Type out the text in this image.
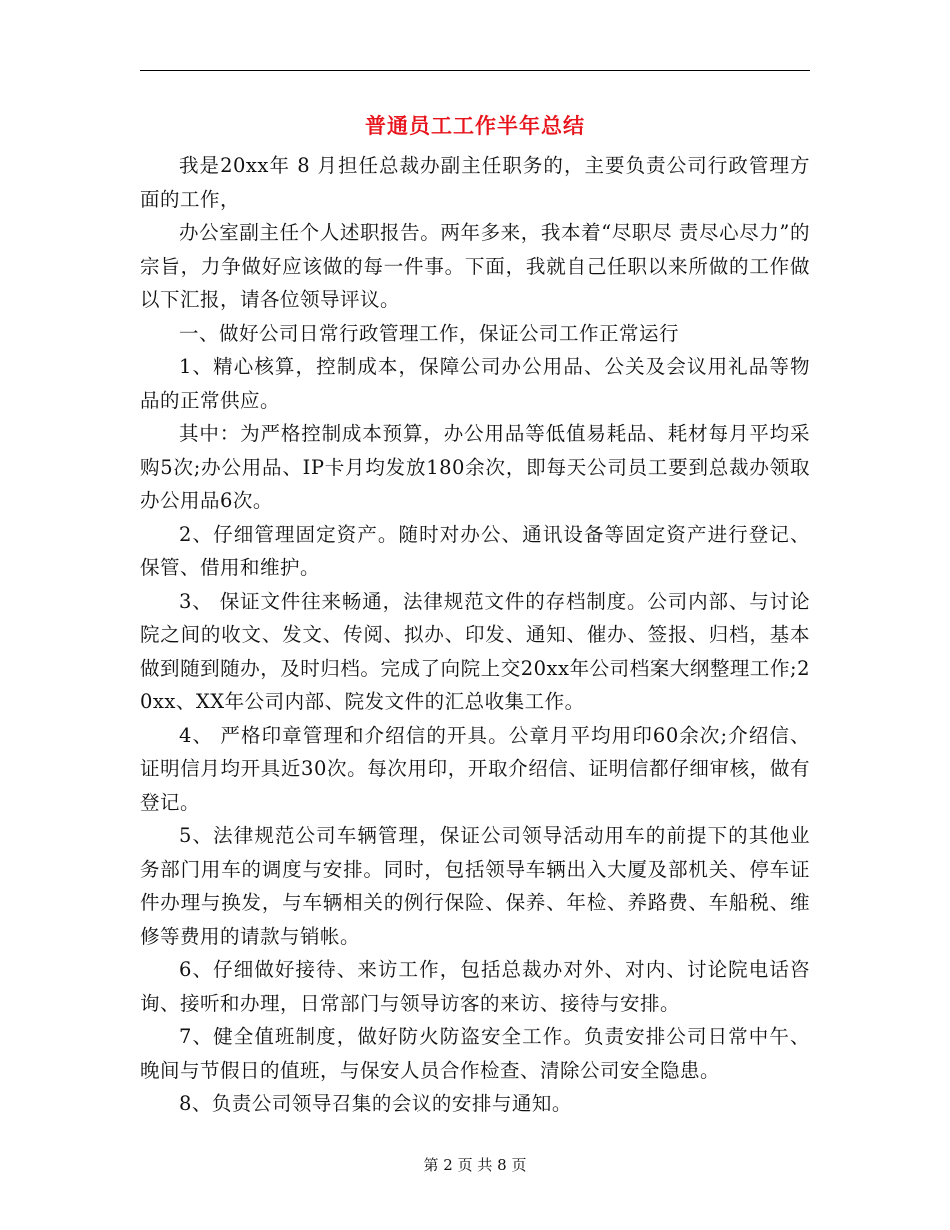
普通员工工作半年总结

我是20xx年 8 月担任总裁办副主任职务的，主要负责公司行政管理方面的工作，

办公室副主任个人述职报告。两年多来，我本着“尽职尽 责尽心尽力”的宗旨，力争做好应该做的每一件事。下面，我就自己任职以来所做的工作做以下汇报，请各位领导评议。

一、做好公司日常行政管理工作，保证公司工作正常运行

1、精心核算，控制成本，保障公司办公用品、公关及会议用礼品等物品的正常供应。

其中：为严格控制成本预算，办公用品等低值易耗品、耗材每月平均采购5次;办公用品、IP卡月均发放180余次，即每天公司员工要到总裁办领取办公用品6次。

2、仔细管理固定资产。随时对办公、通讯设备等固定资产进行登记、保管、借用和维护。

3、 保证文件往来畅通，法律规范文件的存档制度。公司内部、与讨论院之间的收文、发文、传阅、拟办、印发、通知、催办、签报、归档，基本做到随到随办，及时归档。完成了向院上交20xx年公司档案大纲整理工作;20xx、XX年公司内部、院发文件的汇总收集工作。

4、 严格印章管理和介绍信的开具。公章月平均用印60余次;介绍信、证明信月均开具近30次。每次用印，开取介绍信、证明信都仔细审核，做有登记。

5、法律规范公司车辆管理，保证公司领导活动用车的前提下的其他业务部门用车的调度与安排。同时，包括领导车辆出入大厦及部机关、停车证件办理与换发，与车辆相关的例行保险、保养、年检、养路费、车船税、维修等费用的请款与销帐。

6、仔细做好接待、来访工作，包括总裁办对外、对内、讨论院电话咨询、接听和办理，日常部门与领导访客的来访、接待与安排。

7、健全值班制度，做好防火防盗安全工作。负责安排公司日常中午、晚间与节假日的值班，与保安人员合作检查、清除公司安全隐患。

8、负责公司领导召集的会议的安排与通知。

第 2 页 共 8 页
